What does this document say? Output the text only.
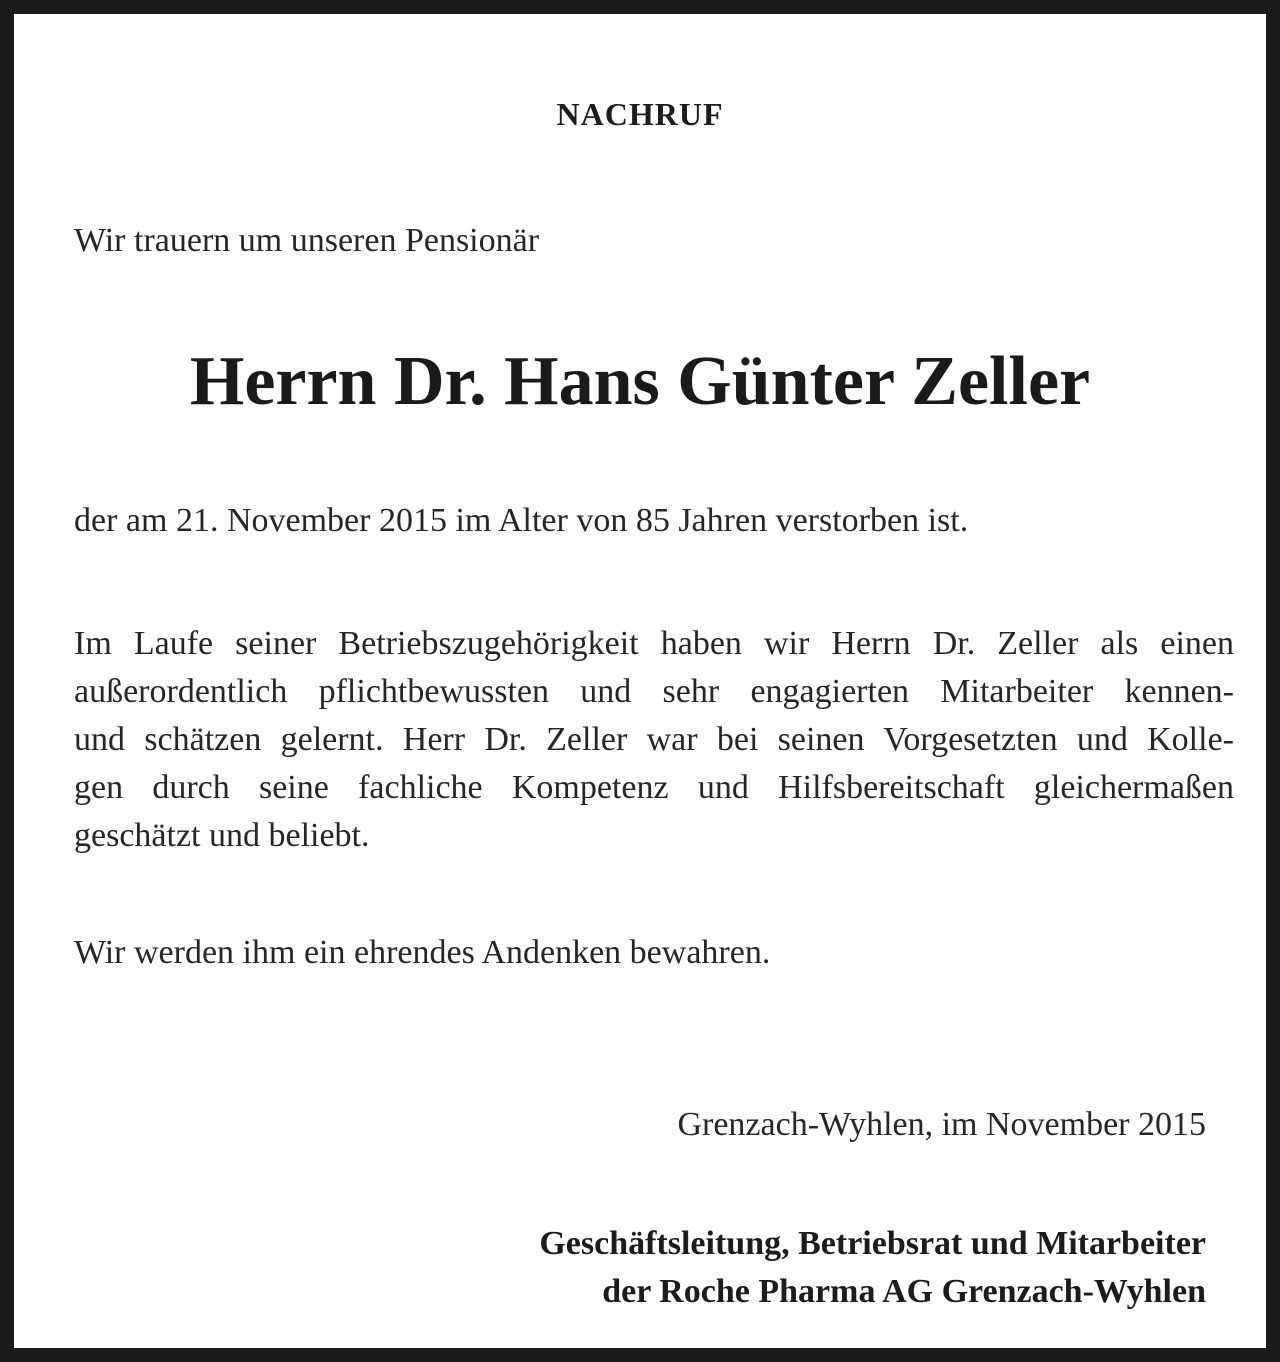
NACHRUF
Wir trauern um unseren Pensionär
Herrn Dr. Hans Günter Zeller
der am 21. November 2015 im Alter von 85 Jahren verstorben ist.
Im Laufe seiner Betriebszugehörigkeit haben wir Herrn Dr. Zeller als einen
außerordentlich pflichtbewussten und sehr engagierten Mitarbeiter kennen-
und schätzen gelernt. Herr Dr. Zeller war bei seinen Vorgesetzten und Kolle-
gen durch seine fachliche Kompetenz und Hilfsbereitschaft gleichermaßen
geschätzt und beliebt.
Wir werden ihm ein ehrendes Andenken bewahren.
Grenzach-Wyhlen, im November 2015
Geschäftsleitung, Betriebsrat und Mitarbeiter
der Roche Pharma AG Grenzach-Wyhlen
